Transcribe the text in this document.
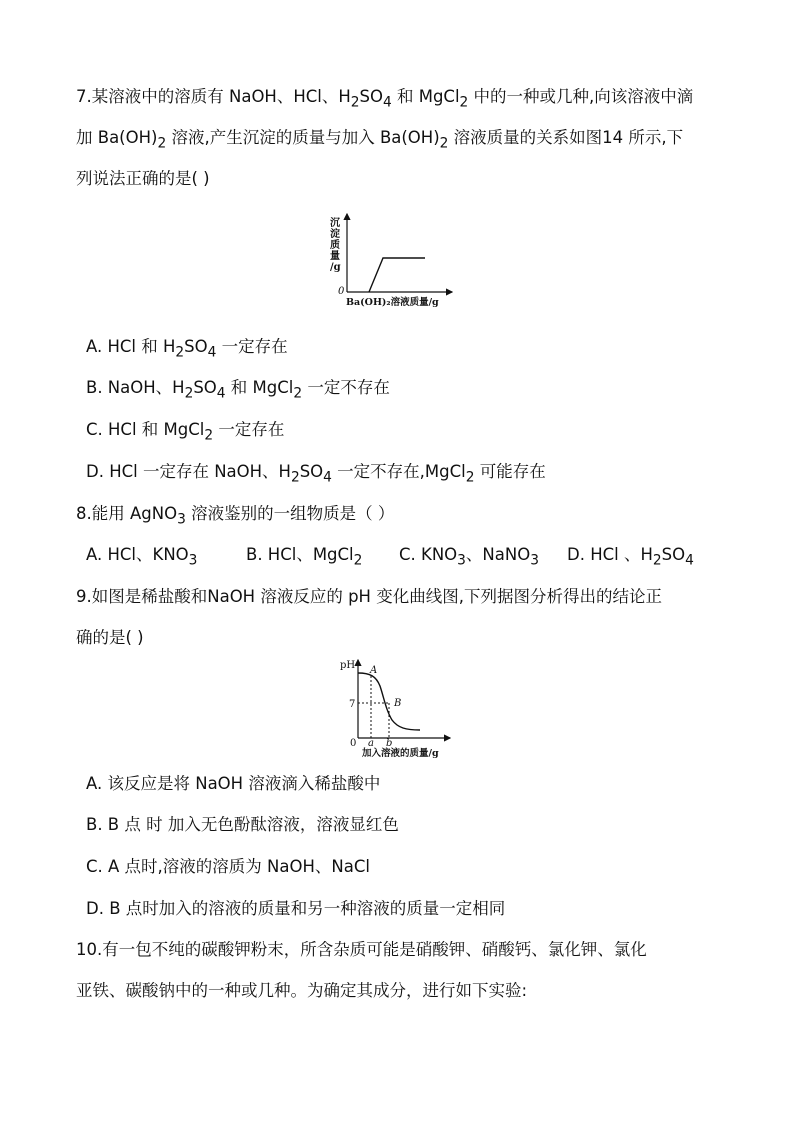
7.某溶液中的溶质有 NaOH、HCl、$H_2SO_4$ 和 MgCl$_2$ 中的一种或几种,向该溶液中滴
加 $Ba(OH)_2$ 溶液,产生沉淀的质量与加入 $Ba(OH)_2$ 溶液质量的关系如图14 所示,下
列说法正确的是( )
沉
淀
质
量
/g
0
Ba(OH)₂溶液质量/g
A. HCl 和 $H_2SO_4$ 一定存在
B. NaOH、$H_2SO_4$ 和 MgCl$_2$ 一定不存在
C. HCl 和 MgCl$_2$ 一定存在
D. HCl 一定存在 NaOH、$H_2SO_4$ 一定不存在,MgCl$_2$ 可能存在
8.能用 AgNO$_3$ 溶液鉴别的一组物质是（ ）
A. HCl、$KNO_3$	B. HCl、MgCl$_2$ C. $KNO_3$、NaNO$_3$ D. HCl 、$H_2SO_4$
9.如图是稀盐酸和NaOH 溶液反应的 pH 变化曲线图,下列据图分析得出的结论正
确的是( )
pH A
B
7
0 a b
加入溶液的质量/g
A. 该反应是将 NaOH 溶液滴入稀盐酸中
B. B 点 时 加入无色酚酞溶液，溶液显红色
C. A 点时,溶液的溶质为 NaOH、NaCl
D. B 点时加入的溶液的质量和另一种溶液的质量一定相同
10.有一包不纯的碳酸钾粉末，所含杂质可能是硝酸钾、硝酸钙、氯化钾、氯化
亚铁、碳酸钠中的一种或几种。为确定其成分，进行如下实验:
